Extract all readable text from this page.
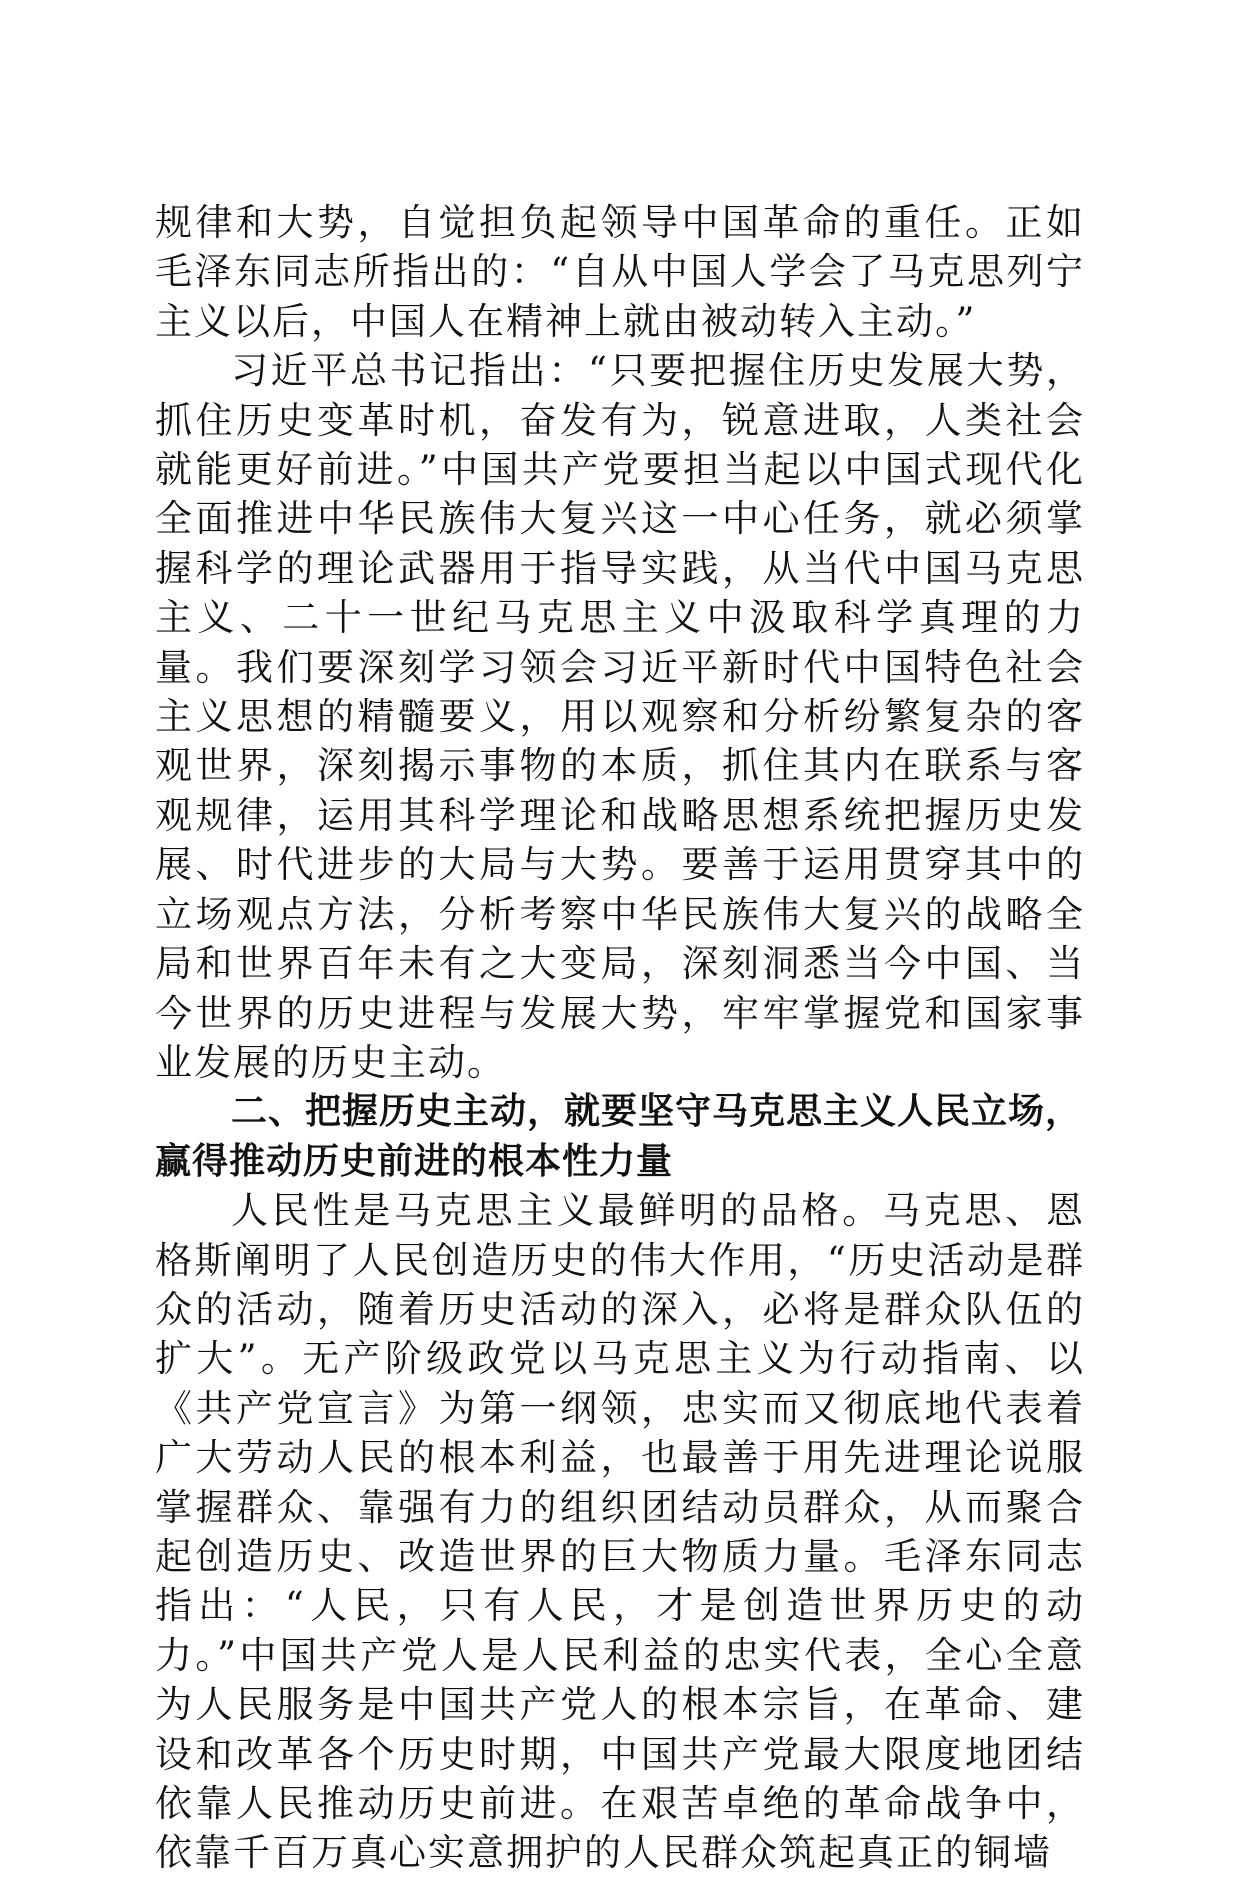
规律和大势，自觉担负起领导中国革命的重任。正如毛泽东同志所指出的：“自从中国人学会了马克思列宁主义以后，中国人在精神上就由被动转入主动。”

习近平总书记指出：“只要把握住历史发展大势，抓住历史变革时机，奋发有为，锐意进取，人类社会就能更好前进。”中国共产党要担当起以中国式现代化全面推进中华民族伟大复兴这一中心任务，就必须掌握科学的理论武器用于指导实践，从当代中国马克思主义、二十一世纪马克思主义中汲取科学真理的力量。我们要深刻学习领会习近平新时代中国特色社会主义思想的精髓要义，用以观察和分析纷繁复杂的客观世界，深刻揭示事物的本质，抓住其内在联系与客观规律，运用其科学理论和战略思想系统把握历史发展、时代进步的大局与大势。要善于运用贯穿其中的立场观点方法，分析考察中华民族伟大复兴的战略全局和世界百年未有之大变局，深刻洞悉当今中国、当今世界的历史进程与发展大势，牢牢掌握党和国家事业发展的历史主动。

二、把握历史主动，就要坚守马克思主义人民立场，赢得推动历史前进的根本性力量

人民性是马克思主义最鲜明的品格。马克思、恩格斯阐明了人民创造历史的伟大作用，“历史活动是群众的活动，随着历史活动的深入，必将是群众队伍的扩大”。无产阶级政党以马克思主义为行动指南、以《共产党宣言》为第一纲领，忠实而又彻底地代表着广大劳动人民的根本利益，也最善于用先进理论说服掌握群众、靠强有力的组织团结动员群众，从而聚合起创造历史、改造世界的巨大物质力量。毛泽东同志指出：“人民，只有人民，才是创造世界历史的动力。”中国共产党人是人民利益的忠实代表，全心全意为人民服务是中国共产党人的根本宗旨，在革命、建设和改革各个历史时期，中国共产党最大限度地团结依靠人民推动历史前进。在艰苦卓绝的革命战争中，依靠千百万真心实意拥护的人民群众筑起真正的铜墙
